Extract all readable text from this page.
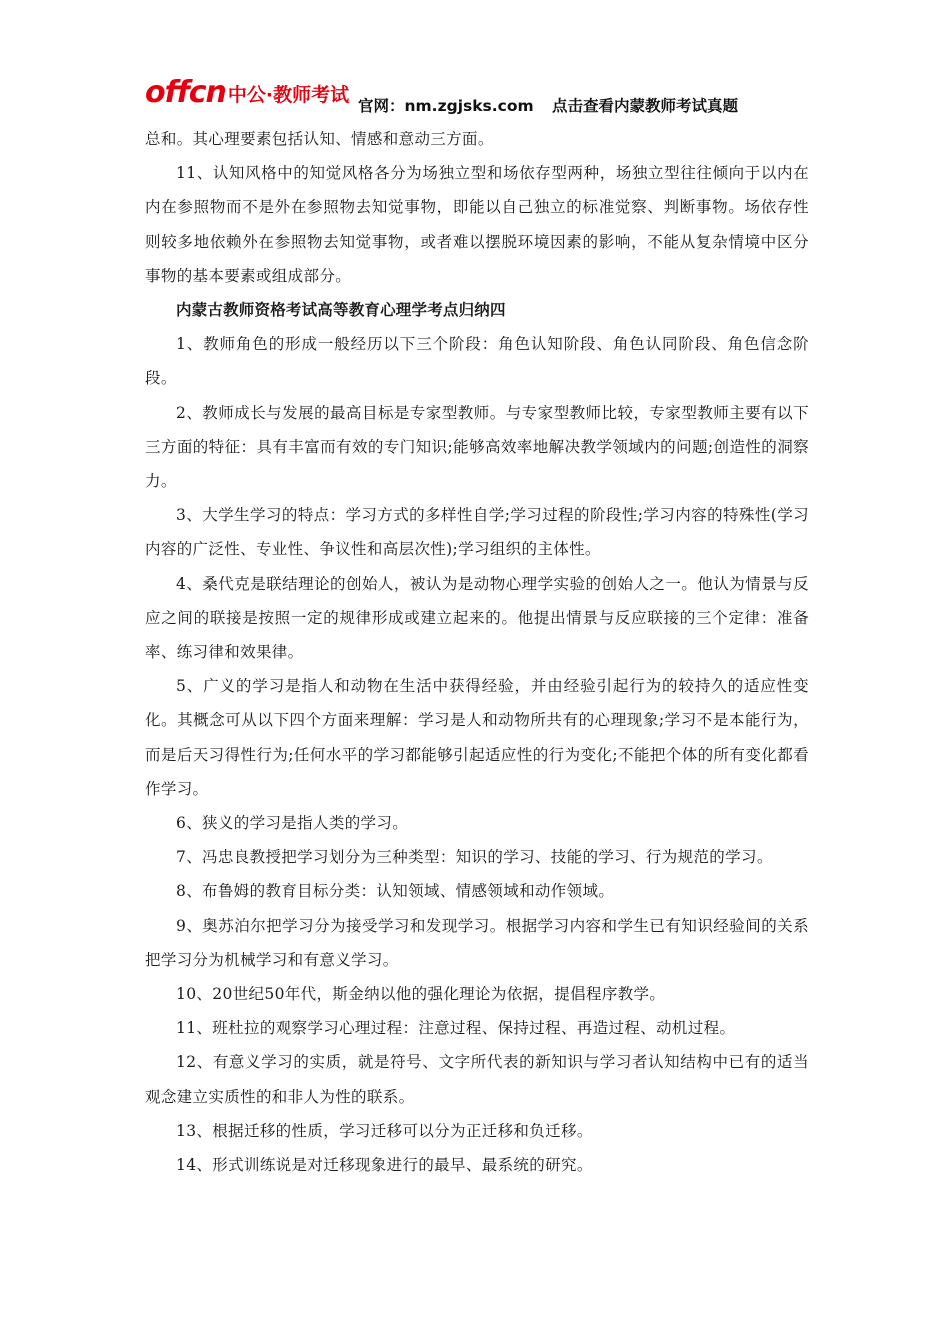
offcn 中公·教师考试 官网：nm.zgjsks.com 点击查看内蒙教师考试真题

总和。其心理要素包括认知、情感和意动三方面。

11、认知风格中的知觉风格各分为场独立型和场依存型两种，场独立型往往倾向于以内在内在参照物而不是外在参照物去知觉事物，即能以自己独立的标准觉察、判断事物。场依存性则较多地依赖外在参照物去知觉事物，或者难以摆脱环境因素的影响，不能从复杂情境中区分事物的基本要素或组成部分。

内蒙古教师资格考试高等教育心理学考点归纳四

1、教师角色的形成一般经历以下三个阶段：角色认知阶段、角色认同阶段、角色信念阶段。

2、教师成长与发展的最高目标是专家型教师。与专家型教师比较，专家型教师主要有以下三方面的特征：具有丰富而有效的专门知识;能够高效率地解决教学领域内的问题;创造性的洞察力。

3、大学生学习的特点：学习方式的多样性自学;学习过程的阶段性;学习内容的特殊性(学习内容的广泛性、专业性、争议性和高层次性);学习组织的主体性。

4、桑代克是联结理论的创始人，被认为是动物心理学实验的创始人之一。他认为情景与反应之间的联接是按照一定的规律形成或建立起来的。他提出情景与反应联接的三个定律：准备率、练习律和效果律。

5、广义的学习是指人和动物在生活中获得经验，并由经验引起行为的较持久的适应性变化。其概念可从以下四个方面来理解：学习是人和动物所共有的心理现象;学习不是本能行为，而是后天习得性行为;任何水平的学习都能够引起适应性的行为变化;不能把个体的所有变化都看作学习。

6、狭义的学习是指人类的学习。

7、冯忠良教授把学习划分为三种类型：知识的学习、技能的学习、行为规范的学习。

8、布鲁姆的教育目标分类：认知领域、情感领域和动作领域。

9、奥苏泊尔把学习分为接受学习和发现学习。根据学习内容和学生已有知识经验间的关系把学习分为机械学习和有意义学习。

10、20世纪50年代，斯金纳以他的强化理论为依据，提倡程序教学。

11、班杜拉的观察学习心理过程：注意过程、保持过程、再造过程、动机过程。

12、有意义学习的实质，就是符号、文字所代表的新知识与学习者认知结构中已有的适当观念建立实质性的和非人为性的联系。

13、根据迁移的性质，学习迁移可以分为正迁移和负迁移。

14、形式训练说是对迁移现象进行的最早、最系统的研究。
